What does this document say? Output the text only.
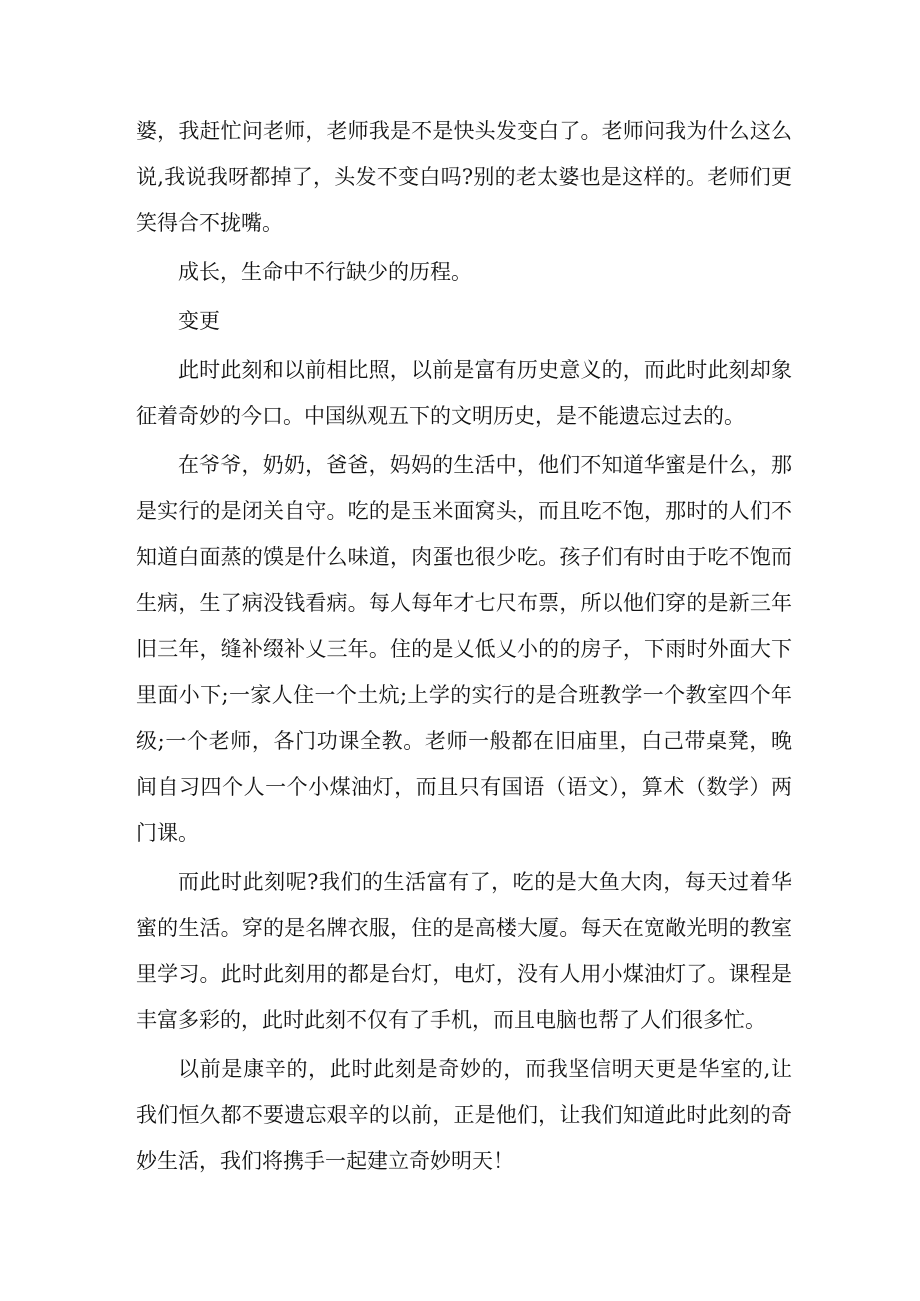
婆，我赶忙问老师，老师我是不是快头发变白了。老师问我为什么这么说,我说我呀都掉了，头发不变白吗?别的老太婆也是这样的。老师们更笑得合不拢嘴。

成长，生命中不行缺少的历程。

变更

此时此刻和以前相比照，以前是富有历史意义的，而此时此刻却象征着奇妙的今口。中国纵观五下的文明历史，是不能遗忘过去的。

在爷爷，奶奶，爸爸，妈妈的生活中，他们不知道华蜜是什么，那是实行的是闭关自守。吃的是玉米面窝头，而且吃不饱，那时的人们不知道白面蒸的馍是什么味道，肉蛋也很少吃。孩子们有时由于吃不饱而生病，生了病没钱看病。每人每年才七尺布票，所以他们穿的是新三年旧三年，缝补缀补乂三年。住的是乂低乂小的的房子，下雨时外面大下里面小下;一家人住一个土炕;上学的实行的是合班教学一个教室四个年级;一个老师，各门功课全教。老师一般都在旧庙里，白己带桌凳，晚间自习四个人一个小煤油灯，而且只有国语（语文），算术（数学）两门课。

而此时此刻呢?我们的生活富有了，吃的是大鱼大肉，每天过着华蜜的生活。穿的是名牌衣服，住的是高楼大厦。每天在宽敞光明的教室里学习。此时此刻用的都是台灯，电灯，没有人用小煤油灯了。课程是丰富多彩的，此时此刻不仅有了手机，而且电脑也帮了人们很多忙。

以前是康辛的，此时此刻是奇妙的，而我坚信明天更是华室的,让我们恒久都不要遗忘艰辛的以前，正是他们，让我们知道此时此刻的奇妙生活，我们将携手一起建立奇妙明天！
